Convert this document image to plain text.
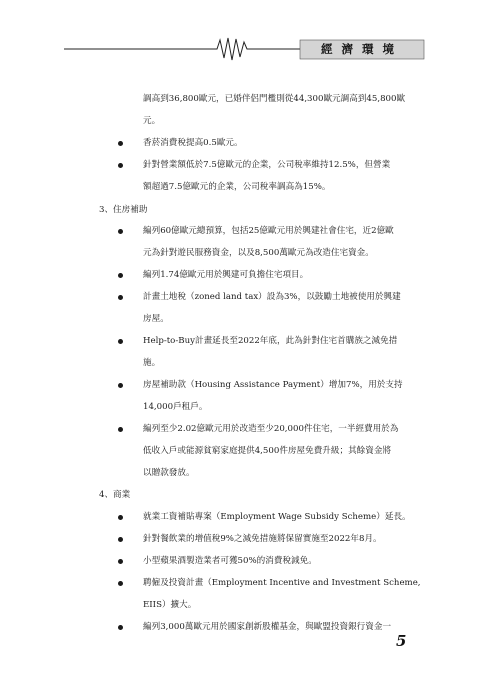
經濟環境
調高到36,800歐元，已婚伴侶門檻則從44,300歐元調高到45,800歐
元。
香菸消費稅提高0.5歐元。
針對營業額低於7.5億歐元的企業，公司稅率維持12.5%，但營業
額超過7.5億歐元的企業，公司稅率調高為15%。
3、住房補助
編列60億歐元總預算，包括25億歐元用於興建社會住宅，近2億歐
元為針對遊民服務資金，以及8,500萬歐元為改造住宅資金。
編列1.74億歐元用於興建可負擔住宅項目。
計畫土地稅（zoned land tax）設為3%，以鼓勵土地被使用於興建
房屋。
Help-to-Buy計畫延長至2022年底，此為針對住宅首購族之減免措
施。
房屋補助款（Housing Assistance Payment）增加7%，用於支持
14,000戶租戶。
編列至少2.02億歐元用於改造至少20,000件住宅，一半經費用於為
低收入戶或能源貧窮家庭提供4,500件房屋免費升級；其餘資金將
以贈款發放。
4、商業
就業工資補貼專案（Employment Wage Subsidy Scheme）延長。
針對餐飲業的增值稅9%之減免措施將保留實施至2022年8月。
小型蘋果酒製造業者可獲50%的消費稅減免。
聘僱及投資計畫（Employment Incentive and Investment Scheme,
EIIS）擴大。
編列3,000萬歐元用於國家創新股權基金，與歐盟投資銀行資金一
5
